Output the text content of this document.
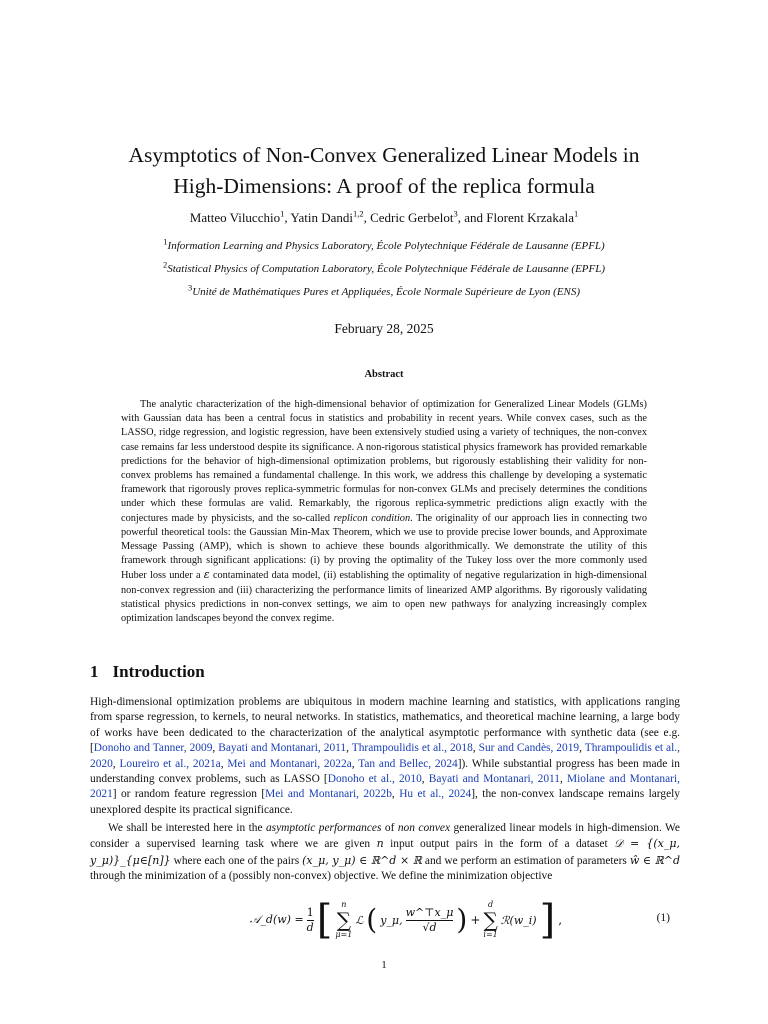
Asymptotics of Non-Convex Generalized Linear Models in
High-Dimensions: A proof of the replica formula
Matteo Vilucchio$^1$, Yatin Dandi$^{1,2}$, Cedric Gerbelot$^3$, and Florent Krzakala$^1$
$^1$Information Learning and Physics Laboratory, École Polytechnique Fédérale de Lausanne (EPFL)
$^2$Statistical Physics of Computation Laboratory, École Polytechnique Fédérale de Lausanne (EPFL)
$^3$Unité de Mathématiques Pures et Appliquées, École Normale Supérieure de Lyon (ENS)
February 28, 2025
Abstract

The analytic characterization of the high-dimensional behavior of optimization for Generalized Linear Models (GLMs) with Gaussian data has been a central focus in statistics and probability in recent years. While convex cases, such as the LASSO, ridge regression, and logistic regression, have been extensively studied using a variety of techniques, the non-convex case remains far less understood despite its significance. A non-rigorous statistical physics framework has provided remarkable predictions for the behavior of high-dimensional optimization problems, but rigorously establishing their validity for non-convex problems has remained a fundamental challenge. In this work, we address this challenge by developing a systematic framework that rigorously proves replica-symmetric formulas for non-convex GLMs and precisely determines the conditions under which these formulas are valid. Remarkably, the rigorous replica-symmetric predictions align exactly with the conjectures made by physicists, and the so-called replicon condition. The originality of our approach lies in connecting two powerful theoretical tools: the Gaussian Min-Max Theorem, which we use to provide precise lower bounds, and Approximate Message Passing (AMP), which is shown to achieve these bounds algorithmically. We demonstrate the utility of this framework through significant applications: (i) by proving the optimality of the Tukey loss over the more commonly used Huber loss under a ε contaminated data model, (ii) establishing the optimality of negative regularization in high-dimensional non-convex regression and (iii) characterizing the performance limits of linearized AMP algorithms. By rigorously validating statistical physics predictions in non-convex settings, we aim to open new pathways for analyzing increasingly complex optimization landscapes beyond the convex regime.

1 Introduction

High-dimensional optimization problems are ubiquitous in modern machine learning and statistics, with applications ranging from sparse regression, to kernels, to neural networks. In statistics, mathematics, and theoretical machine learning, a large body of works have been dedicated to the characterization of the analytical asymptotic performance with synthetic data (see e.g. [Donoho and Tanner, 2009, Bayati and Montanari, 2011, Thrampoulidis et al., 2018, Sur and Candès, 2019, Thrampoulidis et al., 2020, Loureiro et al., 2021a, Mei and Montanari, 2022a, Tan and Bellec, 2024]). While substantial progress has been made in understanding convex problems, such as LASSO [Donoho et al., 2010, Bayati and Montanari, 2011, Miolane and Montanari, 2021] or random feature regression [Mei and Montanari, 2022b, Hu et al., 2024], the non-convex landscape remains largely unexplored despite its practical significance.

We shall be interested here in the asymptotic performances of non convex generalized linear models in high-dimension. We consider a supervised learning task where we are given n input output pairs in the form of a dataset 𝒟 = {(x_μ, y_μ)}_{μ∈[n]} where each one of the pairs (x_μ, y_μ) ∈ ℝ^d × ℝ and we perform an estimation of parameters ŵ ∈ ℝ^d through the minimization of a (possibly non-convex) objective. We define the minimization objective

𝒜_d(w) = $\frac{1}{d}$ [ n
∑
μ=1
ℒ ( y_μ, $\frac{w\^{}⊤x\_\mu}{√d}$ ) +
d
∑
i=1
ℛ(w_i) ] ,	(1)
1
